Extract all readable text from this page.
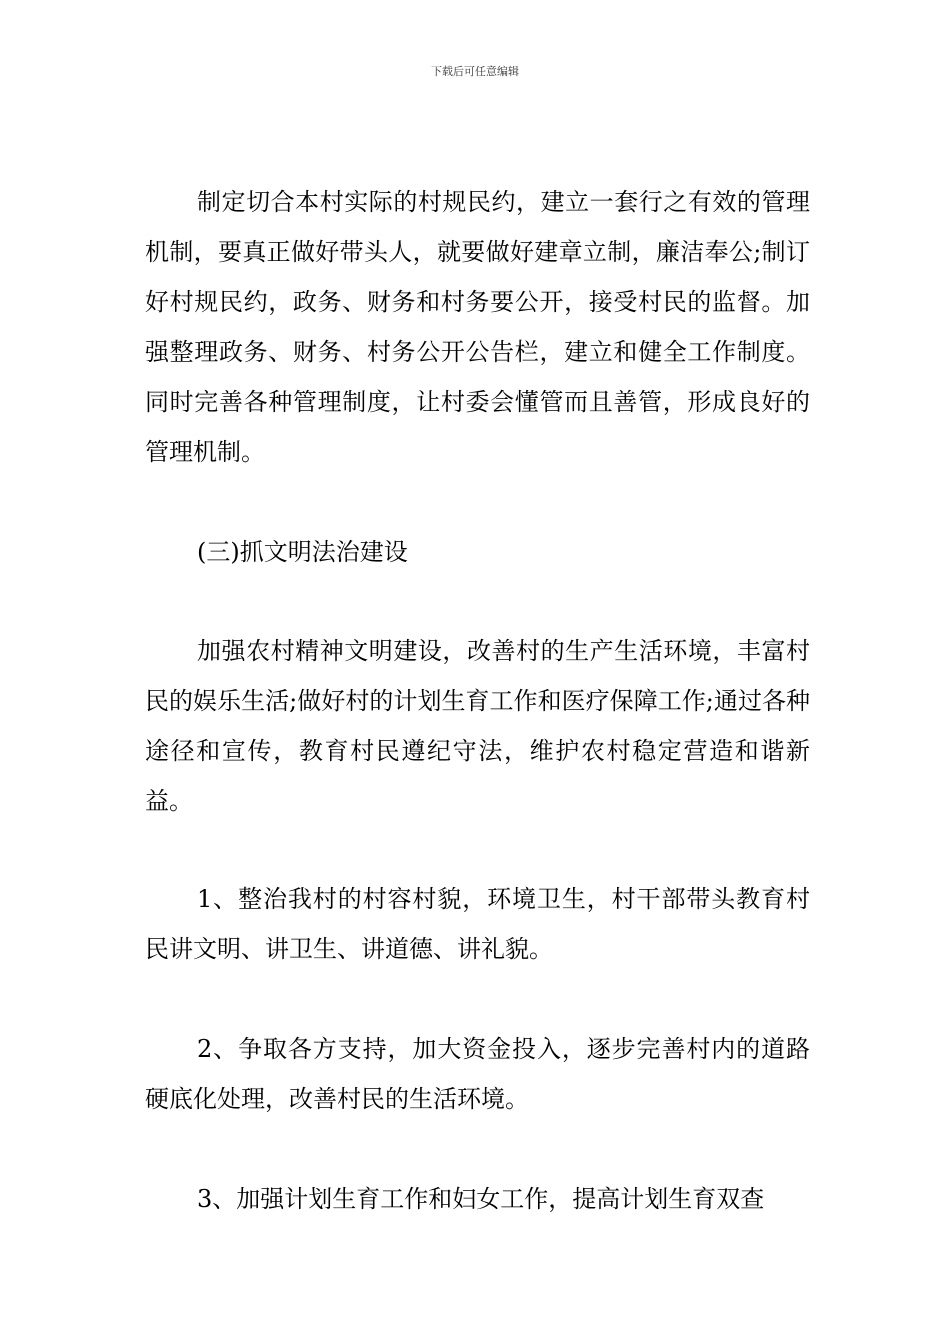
下载后可任意编辑

制定切合本村实际的村规民约，建立一套行之有效的管理机制，要真正做好带头人，就要做好建章立制，廉洁奉公;制订好村规民约，政务、财务和村务要公开，接受村民的监督。加强整理政务、财务、村务公开公告栏，建立和健全工作制度。同时完善各种管理制度，让村委会懂管而且善管，形成良好的管理机制。

(三)抓文明法治建设

加强农村精神文明建设，改善村的生产生活环境，丰富村民的娱乐生活;做好村的计划生育工作和医疗保障工作;通过各种途径和宣传，教育村民遵纪守法，维护农村稳定营造和谐新益。

1、整治我村的村容村貌，环境卫生，村干部带头教育村民讲文明、讲卫生、讲道德、讲礼貌。

2、争取各方支持，加大资金投入，逐步完善村内的道路硬底化处理，改善村民的生活环境。

3、加强计划生育工作和妇女工作，提高计划生育双查
